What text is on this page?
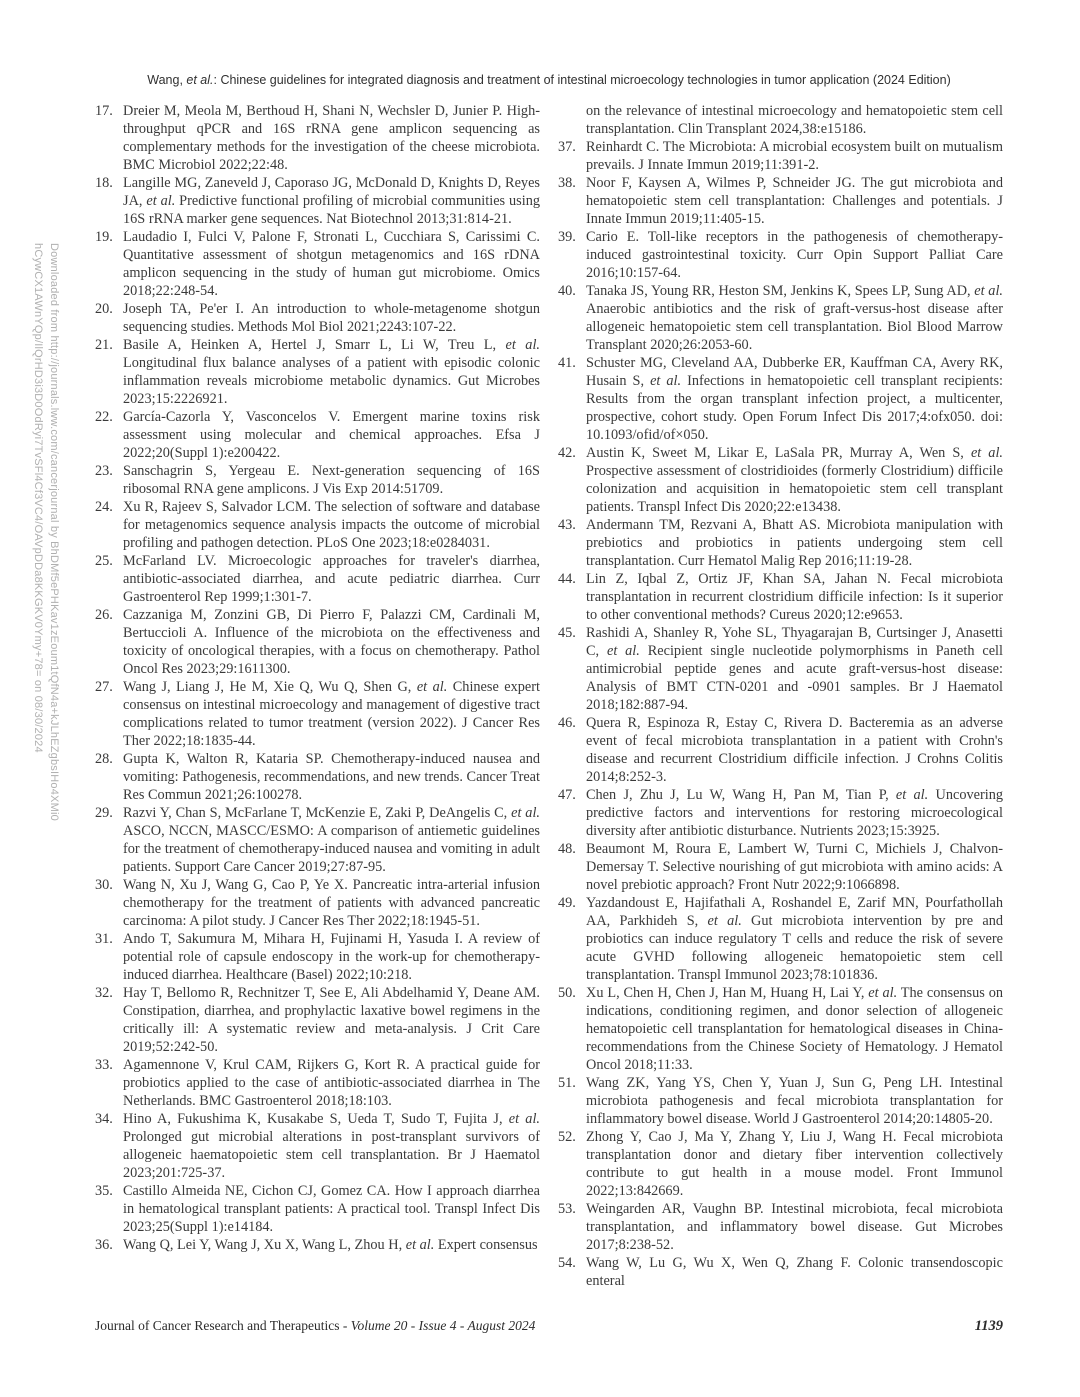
Downloaded from http://journals.lww.com/cancerjournal by BhDMf5ePHKav1zEoum1tQfN4a+kJLhEZgbsIHo4XMi0
hCywCX1AWnYQp/IlQrHD3i3D0OdRyi7TvSFl4Cf3VC4/OAVpDDa8KKGKV0Ymy+78= on 08/30/2024
Wang, et al.: Chinese guidelines for integrated diagnosis and treatment of intestinal microecology technologies in tumor application (2024 Edition)
17. Dreier M, Meola M, Berthoud H, Shani N, Wechsler D, Junier P. High-throughput qPCR and 16S rRNA gene amplicon sequencing as complementary methods for the investigation of the cheese microbiota. BMC Microbiol 2022;22:48.
18. Langille MG, Zaneveld J, Caporaso JG, McDonald D, Knights D, Reyes JA, et al. Predictive functional profiling of microbial communities using 16S rRNA marker gene sequences. Nat Biotechnol 2013;31:814-21.
19. Laudadio I, Fulci V, Palone F, Stronati L, Cucchiara S, Carissimi C. Quantitative assessment of shotgun metagenomics and 16S rDNA amplicon sequencing in the study of human gut microbiome. Omics 2018;22:248-54.
20. Joseph TA, Pe'er I. An introduction to whole-metagenome shotgun sequencing studies. Methods Mol Biol 2021;2243:107-22.
21. Basile A, Heinken A, Hertel J, Smarr L, Li W, Treu L, et al. Longitudinal flux balance analyses of a patient with episodic colonic inflammation reveals microbiome metabolic dynamics. Gut Microbes 2023;15:2226921.
22. García-Cazorla Y, Vasconcelos V. Emergent marine toxins risk assessment using molecular and chemical approaches. Efsa J 2022;20(Suppl 1):e200422.
23. Sanschagrin S, Yergeau E. Next-generation sequencing of 16S ribosomal RNA gene amplicons. J Vis Exp 2014:51709.
24. Xu R, Rajeev S, Salvador LCM. The selection of software and database for metagenomics sequence analysis impacts the outcome of microbial profiling and pathogen detection. PLoS One 2023;18:e0284031.
25. McFarland LV. Microecologic approaches for traveler's diarrhea, antibiotic-associated diarrhea, and acute pediatric diarrhea. Curr Gastroenterol Rep 1999;1:301-7.
26. Cazzaniga M, Zonzini GB, Di Pierro F, Palazzi CM, Cardinali M, Bertuccioli A. Influence of the microbiota on the effectiveness and toxicity of oncological therapies, with a focus on chemotherapy. Pathol Oncol Res 2023;29:1611300.
27. Wang J, Liang J, He M, Xie Q, Wu Q, Shen G, et al. Chinese expert consensus on intestinal microecology and management of digestive tract complications related to tumor treatment (version 2022). J Cancer Res Ther 2022;18:1835-44.
28. Gupta K, Walton R, Kataria SP. Chemotherapy-induced nausea and vomiting: Pathogenesis, recommendations, and new trends. Cancer Treat Res Commun 2021;26:100278.
29. Razvi Y, Chan S, McFarlane T, McKenzie E, Zaki P, DeAngelis C, et al. ASCO, NCCN, MASCC/ESMO: A comparison of antiemetic guidelines for the treatment of chemotherapy-induced nausea and vomiting in adult patients. Support Care Cancer 2019;27:87-95.
30. Wang N, Xu J, Wang G, Cao P, Ye X. Pancreatic intra-arterial infusion chemotherapy for the treatment of patients with advanced pancreatic carcinoma: A pilot study. J Cancer Res Ther 2022;18:1945-51.
31. Ando T, Sakumura M, Mihara H, Fujinami H, Yasuda I. A review of potential role of capsule endoscopy in the work-up for chemotherapy-induced diarrhea. Healthcare (Basel) 2022;10:218.
32. Hay T, Bellomo R, Rechnitzer T, See E, Ali Abdelhamid Y, Deane AM. Constipation, diarrhea, and prophylactic laxative bowel regimens in the critically ill: A systematic review and meta-analysis. J Crit Care 2019;52:242-50.
33. Agamennone V, Krul CAM, Rijkers G, Kort R. A practical guide for probiotics applied to the case of antibiotic-associated diarrhea in The Netherlands. BMC Gastroenterol 2018;18:103.
34. Hino A, Fukushima K, Kusakabe S, Ueda T, Sudo T, Fujita J, et al. Prolonged gut microbial alterations in post-transplant survivors of allogeneic haematopoietic stem cell transplantation. Br J Haematol 2023;201:725-37.
35. Castillo Almeida NE, Cichon CJ, Gomez CA. How I approach diarrhea in hematological transplant patients: A practical tool. Transpl Infect Dis 2023;25(Suppl 1):e14184.
36. Wang Q, Lei Y, Wang J, Xu X, Wang L, Zhou H, et al. Expert consensus
on the relevance of intestinal microecology and hematopoietic stem cell transplantation. Clin Transplant 2024,38:e15186.
37. Reinhardt C. The Microbiota: A microbial ecosystem built on mutualism prevails. J Innate Immun 2019;11:391-2.
38. Noor F, Kaysen A, Wilmes P, Schneider JG. The gut microbiota and hematopoietic stem cell transplantation: Challenges and potentials. J Innate Immun 2019;11:405-15.
39. Cario E. Toll-like receptors in the pathogenesis of chemotherapy-induced gastrointestinal toxicity. Curr Opin Support Palliat Care 2016;10:157-64.
40. Tanaka JS, Young RR, Heston SM, Jenkins K, Spees LP, Sung AD, et al. Anaerobic antibiotics and the risk of graft-versus-host disease after allogeneic hematopoietic stem cell transplantation. Biol Blood Marrow Transplant 2020;26:2053-60.
41. Schuster MG, Cleveland AA, Dubberke ER, Kauffman CA, Avery RK, Husain S, et al. Infections in hematopoietic cell transplant recipients: Results from the organ transplant infection project, a multicenter, prospective, cohort study. Open Forum Infect Dis 2017;4:ofx050. doi: 10.1093/ofid/of×050.
42. Austin K, Sweet M, Likar E, LaSala PR, Murray A, Wen S, et al. Prospective assessment of clostridioides (formerly Clostridium) difficile colonization and acquisition in hematopoietic stem cell transplant patients. Transpl Infect Dis 2020;22:e13438.
43. Andermann TM, Rezvani A, Bhatt AS. Microbiota manipulation with prebiotics and probiotics in patients undergoing stem cell transplantation. Curr Hematol Malig Rep 2016;11:19-28.
44. Lin Z, Iqbal Z, Ortiz JF, Khan SA, Jahan N. Fecal microbiota transplantation in recurrent clostridium difficile infection: Is it superior to other conventional methods? Cureus 2020;12:e9653.
45. Rashidi A, Shanley R, Yohe SL, Thyagarajan B, Curtsinger J, Anasetti C, et al. Recipient single nucleotide polymorphisms in Paneth cell antimicrobial peptide genes and acute graft-versus-host disease: Analysis of BMT CTN-0201 and -0901 samples. Br J Haematol 2018;182:887-94.
46. Quera R, Espinoza R, Estay C, Rivera D. Bacteremia as an adverse event of fecal microbiota transplantation in a patient with Crohn's disease and recurrent Clostridium difficile infection. J Crohns Colitis 2014;8:252-3.
47. Chen J, Zhu J, Lu W, Wang H, Pan M, Tian P, et al. Uncovering predictive factors and interventions for restoring microecological diversity after antibiotic disturbance. Nutrients 2023;15:3925.
48. Beaumont M, Roura E, Lambert W, Turni C, Michiels J, Chalvon-Demersay T. Selective nourishing of gut microbiota with amino acids: A novel prebiotic approach? Front Nutr 2022;9:1066898.
49. Yazdandoust E, Hajifathali A, Roshandel E, Zarif MN, Pourfathollah AA, Parkhideh S, et al. Gut microbiota intervention by pre and probiotics can induce regulatory T cells and reduce the risk of severe acute GVHD following allogeneic hematopoietic stem cell transplantation. Transpl Immunol 2023;78:101836.
50. Xu L, Chen H, Chen J, Han M, Huang H, Lai Y, et al. The consensus on indications, conditioning regimen, and donor selection of allogeneic hematopoietic cell transplantation for hematological diseases in China-recommendations from the Chinese Society of Hematology. J Hematol Oncol 2018;11:33.
51. Wang ZK, Yang YS, Chen Y, Yuan J, Sun G, Peng LH. Intestinal microbiota pathogenesis and fecal microbiota transplantation for inflammatory bowel disease. World J Gastroenterol 2014;20:14805-20.
52. Zhong Y, Cao J, Ma Y, Zhang Y, Liu J, Wang H. Fecal microbiota transplantation donor and dietary fiber intervention collectively contribute to gut health in a mouse model. Front Immunol 2022;13:842669.
53. Weingarden AR, Vaughn BP. Intestinal microbiota, fecal microbiota transplantation, and inflammatory bowel disease. Gut Microbes 2017;8:238-52.
54. Wang W, Lu G, Wu X, Wen Q, Zhang F. Colonic transendoscopic enteral
Journal of Cancer Research and Therapeutics - Volume 20 - Issue 4 - August 2024	1139
